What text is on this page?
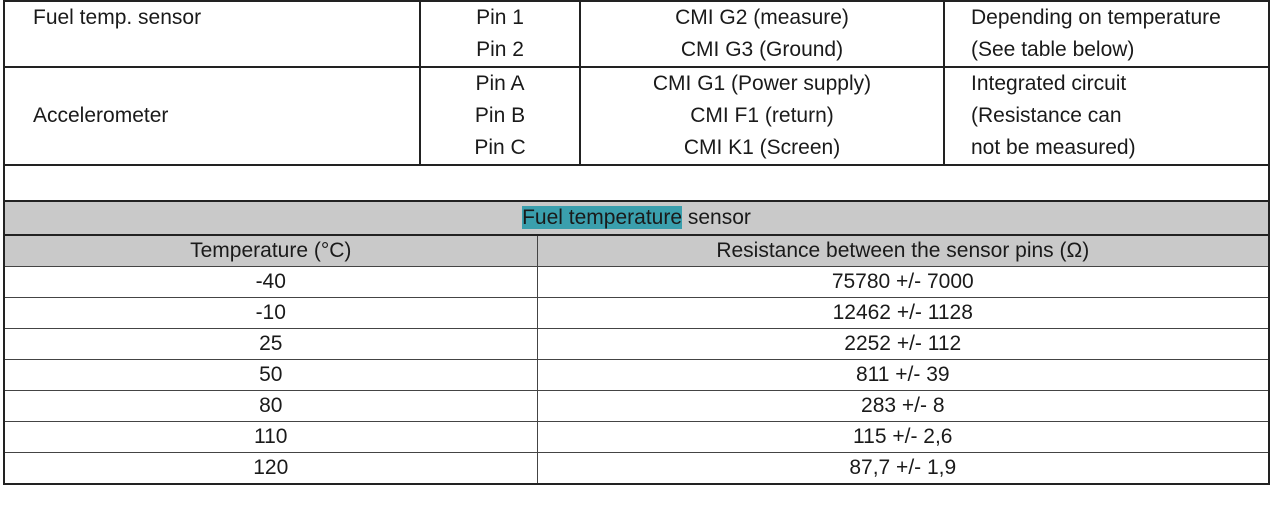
Fuel temp. sensor	Pin 1	CMI G2 (measure)	Depending on temperature
	Pin 2	CMI G3 (Ground)	(See table below)
	Pin A	CMI G1 (Power supply)	Integrated circuit
Accelerometer	Pin B	CMI F1 (return)	(Resistance can
	Pin C	CMI K1 (Screen)	not be measured)

Fuel temperature sensor	
Temperature (°C)	Resistance between the sensor pins (Ω)
-40	75780 +/- 7000
-10	12462 +/- 1128
25	2252 +/- 112
50	811 +/- 39
80	283 +/- 8
110	115 +/- 2,6
120	87,7 +/- 1,9
